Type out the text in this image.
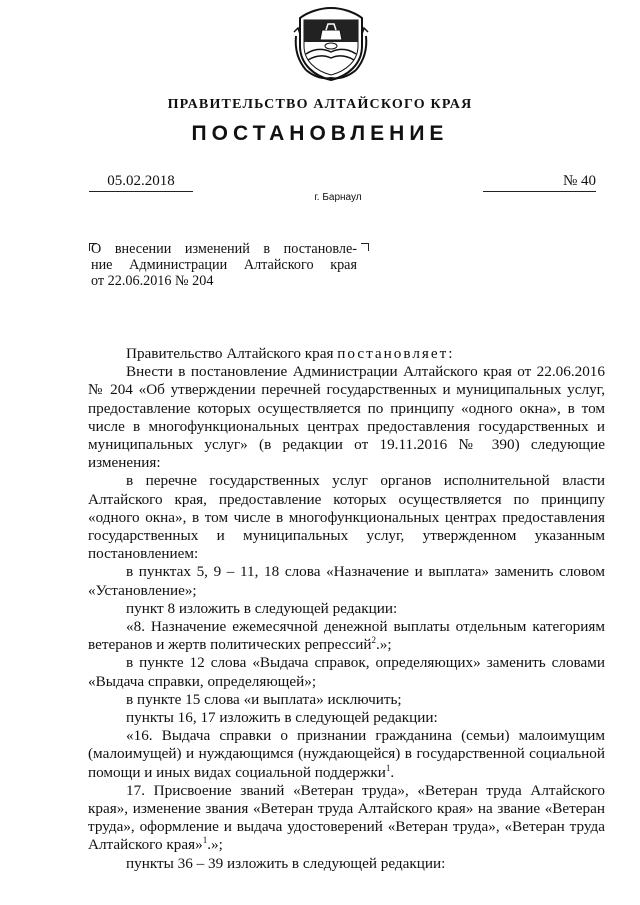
ПРАВИТЕЛЬСТВО АЛТАЙСКОГО КРАЯ
ПОСТАНОВЛЕНИЕ
05.02.2018	№ 40
г. Барнаул
О внесении изменений в постановле-
ние Администрации Алтайского края
от 22.06.2016 № 204

Правительство Алтайского края постановляет:

Внести в постановление Администрации Алтайского края от 22.06.2016 № 204 «Об утверждении перечней государственных и муниципальных услуг, предоставление которых осуществляется по принципу «одного окна», в том числе в многофункциональных центрах предоставления государственных и муниципальных услуг» (в редакции от 19.11.2016 № 390) следующие изменения:

в перечне государственных услуг органов исполнительной власти Алтайского края, предоставление которых осуществляется по принципу «одного окна», в том числе в многофункциональных центрах предоставления государственных и муниципальных услуг, утвержденном указанным постановлением:

в пунктах 5, 9 – 11, 18 слова «Назначение и выплата» заменить словом «Установление»;

пункт 8 изложить в следующей редакции:

«8. Назначение ежемесячной денежной выплаты отдельным категориям ветеранов и жертв политических репрессий$^2$.»;

в пункте 12 слова «Выдача справок, определяющих» заменить словами «Выдача справки, определяющей»;

в пункте 15 слова «и выплата» исключить;

пункты 16, 17 изложить в следующей редакции:

«16. Выдача справки о признании гражданина (семьи) малоимущим (малоимущей) и нуждающимся (нуждающейся) в государственной социальной помощи и иных видах социальной поддержки$^1$.

17. Присвоение званий «Ветеран труда», «Ветеран труда Алтайского края», изменение звания «Ветеран труда Алтайского края» на звание «Ветеран труда», оформление и выдача удостоверений «Ветеран труда», «Ветеран труда Алтайского края»$^1$.»;

пункты 36 – 39 изложить в следующей редакции:
